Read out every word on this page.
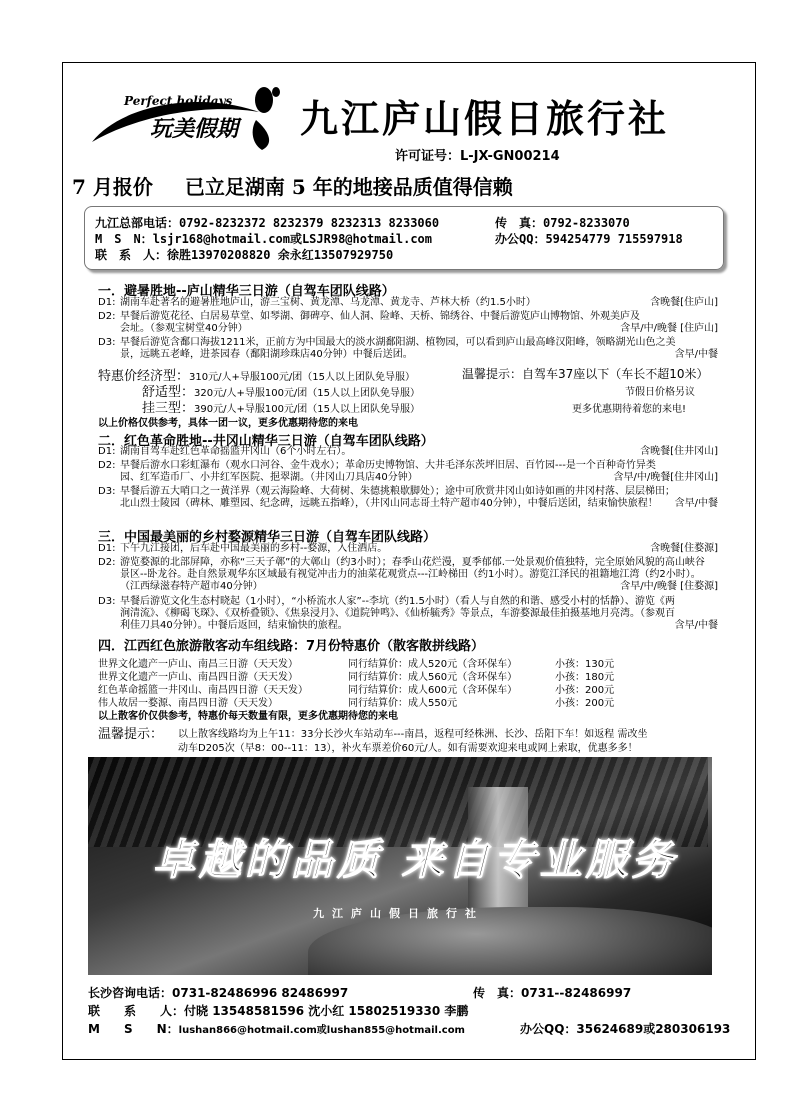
Perfect holidays
玩美假期 九江庐山假日旅行社
许可证号：L-JX-GN00214
7 月报价 已立足湖南 5 年的地接品质值得信赖
九江总部电话：0792-8232372 8232379 8232313 8233060	传　真：0792-8233070
M　S　N：lsjr168@hotmail.com或LSJR98@hotmail.com	办公QQ：594254779 715597918
联　系　人：徐胜13970208820 余永红13507929750
一．避暑胜地--庐山精华三日游（自驾车团队线路）
D1: 湖南车赴著名的避暑胜地庐山，游三宝树、黄龙潭、乌龙潭、黄龙寺、芦林大桥（约1.5小时）	含晚餐[住庐山]
D2: 早餐后游览花径、白居易草堂、如琴湖、御碑亭、仙人洞、险峰、天桥、锦绣谷、中餐后游览庐山博物馆、外观美庐及会址。（参观宝树堂40分钟）	含早/中/晚餐 [住庐山]
D3: 早餐后游览含鄱口海拔1211米，正前方为中国最大的淡水湖鄱阳湖、植物园，可以看到庐山最高峰汉阳峰，领略湖光山色之美景，远眺五老峰，进茶园春（鄱阳湖珍珠店40分钟）中餐后送团。	含早/中餐
特惠价经济型：310元/人+导服100元/团（15人以上团队免导服）	温馨提示：自驾车37座以下（车长不超10米）
舒适型：320元/人+导服100元/团（15人以上团队免导服）	节假日价格另议
挂三型：390元/人+导服100元/团（15人以上团队免导服）	更多优惠期待着您的来电!
以上价格仅供参考，具体一团一议，更多优惠期待您的来电
二．红色革命胜地--井冈山精华三日游（自驾车团队线路）
D1: 湖南自驾车赴红色革命摇篮井冈山（6个小时左右）。	含晚餐[住井冈山]
D2: 早餐后游水口彩虹瀑布（观水口河谷、金牛戏水）；革命历史博物馆、大井毛泽东茨坪旧居、百竹园---是一个百种奇竹异类园、红军造币厂、小井红军医院、挹翠湖。（井冈山刀具店40分钟）	含早/中/晚餐[住井冈山]
D3: 早餐后游五大哨口之一黄洋界（观云海险峰、大荷树、朱德挑粮歇脚处）；途中可欣赏井冈山如诗如画的井冈村落、层层梯田；北山烈士陵园（碑林、雕塑园、纪念碑，远眺五指峰），（井冈山同志哥土特产超市40分钟），中餐后送团，结束愉快旅程！	含早/中餐
三．中国最美丽的乡村婺源精华三日游（自驾车团队线路）
D1: 下午九江接团，后车赴中国最美丽的乡村--婺源，入住酒店。	含晚餐[住婺源]
D2: 游览婺源的北部屏障，亦称“三天子鄣”的大鄣山（约3小时）；春季山花烂漫，夏季郁郁.一处景观价值独特，完全原始风貌的高山峡谷景区--卧龙谷。赴自然景观华东区域最有视觉冲击力的油菜花观赏点---江岭梯田（约1小时）。游览江泽民的祖籍地江湾（约2小时）。（江西绿滋春特产超市40分钟）	含早/中/晚餐 [住婺源]
D3: 早餐后游览文化生态村晓起（1小时），“小桥流水人家”--李坑（约1.5小时）（看人与自然的和谐、感受小村的恬静）、游览《两涧清流》、《柳碣飞琛》、《双桥叠锁》、《焦泉浸月》、《道院钟鸣》、《仙桥毓秀》等景点，车游婺源最佳拍摄基地月亮湾。（参观百利佳刀具40分钟）。中餐后返回，结束愉快的旅程。	含早/中餐
四．江西红色旅游散客动车组线路：7月份特惠价（散客散拼线路）
世界文化遗产一庐山、南昌三日游（天天发）	同行结算价：成人520元（含环保车）	小孩：130元
世界文化遗产一庐山、南昌四日游（天天发）	同行结算价：成人560元（含环保车）	小孩：180元
红色革命摇篮一井冈山、南昌四日游（天天发）	同行结算价：成人600元（含环保车）	小孩：200元
伟人故居一婺源、南昌四日游（天天发）	同行结算价：成人550元	小孩：200元
以上散客价仅供参考，特惠价每天数量有限，更多优惠期待您的来电
温馨提示： 以上散客线路均为上午11：33分长沙火车站动车---南昌，返程可经株洲、长沙、岳阳下车！如返程 需改坐
动车D205次（早8：00--11：13），补火车票差价60元/人。如有需要欢迎来电或网上索取，优惠多多！
卓越的品质 来自专业服务
九江庐山假日旅行社
长沙咨询电话：0731-82486996 82486997	传　真：0731--82486997
联　　系　　人：付晓 13548581596 沈小红 15802519330 李鹏
M　　S　　N：lushan866@hotmail.com或lushan855@hotmail.com	办公QQ：35624689或280306193
